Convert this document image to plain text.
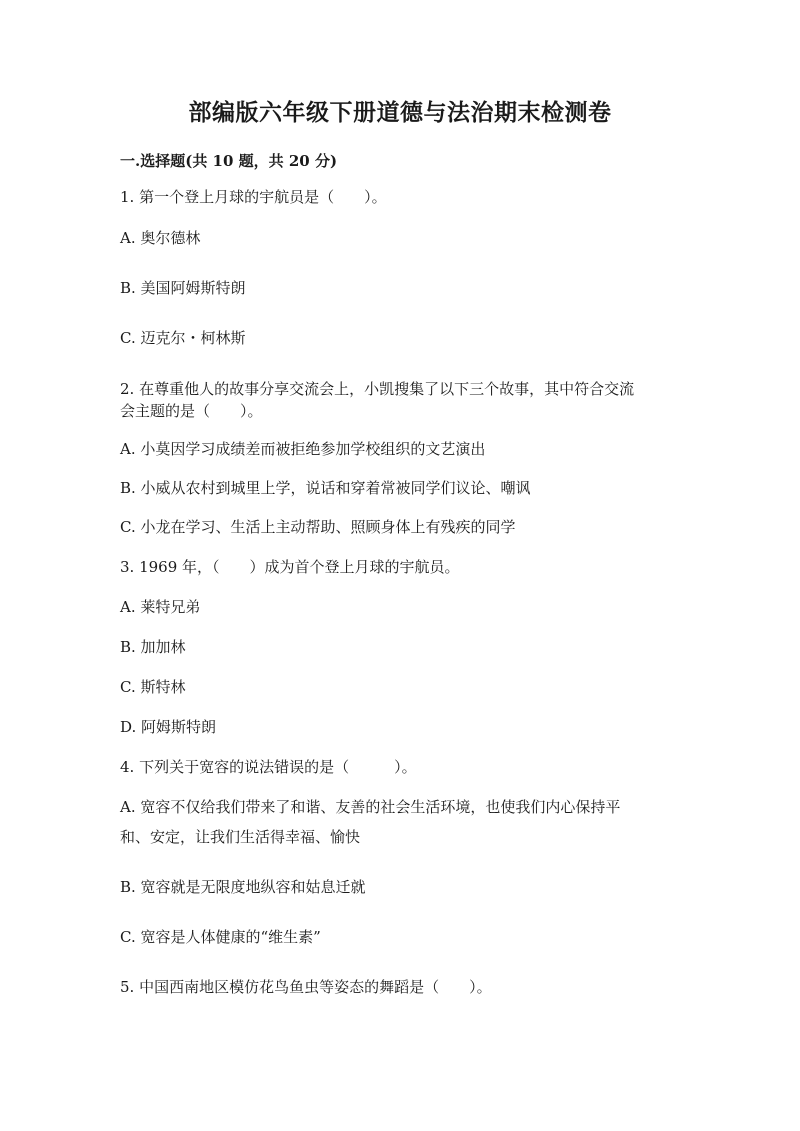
部编版六年级下册道德与法治期末检测卷
一.选择题(共 10 题，共 20 分)
1. 第一个登上月球的宇航员是（　　）。
A. 奥尔德林
B. 美国阿姆斯特朗
C. 迈克尔・柯林斯
2. 在尊重他人的故事分享交流会上，小凯搜集了以下三个故事，其中符合交流
会主题的是（　　）。
A. 小莫因学习成绩差而被拒绝参加学校组织的文艺演出
B. 小威从农村到城里上学，说话和穿着常被同学们议论、嘲讽
C. 小龙在学习、生活上主动帮助、照顾身体上有残疾的同学
3. 1969 年，（　　）成为首个登上月球的宇航员。
A. 莱特兄弟
B. 加加林
C. 斯特林
D. 阿姆斯特朗
4. 下列关于宽容的说法错误的是（　　　）。
A. 宽容不仅给我们带来了和谐、友善的社会生活环境，也使我们内心保持平
和、安定，让我们生活得幸福、愉快
B. 宽容就是无限度地纵容和姑息迁就
C. 宽容是人体健康的“维生素”
5. 中国西南地区模仿花鸟鱼虫等姿态的舞蹈是（　　）。
